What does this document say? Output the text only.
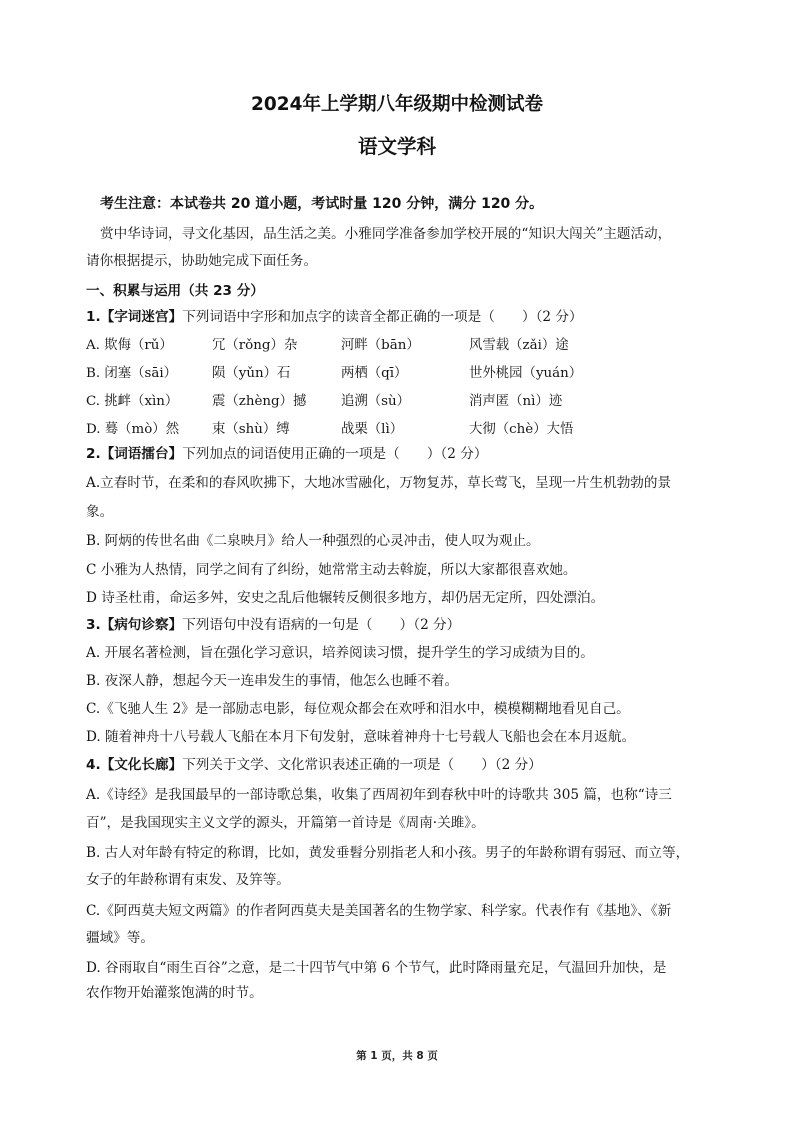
2024年上学期八年级期中检测试卷
语文学科
考生注意：本试卷共 20 道小题，考试时量 120 分钟，满分 120 分。
赏中华诗词，寻文化基因，品生活之美。小雅同学准备参加学校开展的“知识大闯关”主题活动，
请你根据提示，协助她完成下面任务。
一、积累与运用（共 23 分）
1.【字词迷宫】下列词语中字形和加点字的读音全都正确的一项是（　　）（2 分）
A. 欺侮（rǔ）	冗（rǒng）杂	河畔（bān）	风雪载（zǎi）途
B. 闭塞（sāi）	陨（yǔn）石	两栖（qī）	世外桃园（yuán）
C. 挑衅（xìn）	震（zhèng）撼	追溯（sù）	消声匿（nì）迹
D. 蓦（mò）然 束（shù）缚	战栗（lì）	大彻（chè）大悟
2.【词语擂台】下列加点的词语使用正确的一项是（　　）（2 分）
A.立春时节，在柔和的春风吹拂下，大地冰雪融化，万物复苏，草长莺飞，呈现一片生机勃勃的景
象。
B. 阿炳的传世名曲《二泉映月》给人一种强烈的心灵冲击，使人叹为观止。
C 小雅为人热情，同学之间有了纠纷，她常常主动去斡旋，所以大家都很喜欢她。
D 诗圣杜甫，命运多舛，安史之乱后他辗转反侧很多地方，却仍居无定所，四处漂泊。
3.【病句诊察】下列语句中没有语病的一句是（　　）（2 分）
A. 开展名著检测，旨在强化学习意识，培养阅读习惯，提升学生的学习成绩为目的。
B. 夜深人静，想起今天一连串发生的事情，他怎么也睡不着。
C.《飞驰人生 2》是一部励志电影，每位观众都会在欢呼和泪水中，模模糊糊地看见自己。
D. 随着神舟十八号载人飞船在本月下旬发射，意味着神舟十七号载人飞船也会在本月返航。
4.【文化长廊】下列关于文学、文化常识表述正确的一项是（　　）（2 分）
A.《诗经》是我国最早的一部诗歌总集，收集了西周初年到春秋中叶的诗歌共 305 篇，也称“诗三
百”，是我国现实主义文学的源头，开篇第一首诗是《周南·关雎》。
B. 古人对年龄有特定的称谓，比如，黄发垂髫分别指老人和小孩。男子的年龄称谓有弱冠、而立等，
女子的年龄称谓有束发、及笄等。
C.《阿西莫夫短文两篇》的作者阿西莫夫是美国著名的生物学家、科学家。代表作有《基地》、《新
疆域》等。
D. 谷雨取自“雨生百谷”之意，是二十四节气中第 6 个节气，此时降雨量充足，气温回升加快，是
农作物开始灌浆饱满的时节。
第 1 页，共 8 页
